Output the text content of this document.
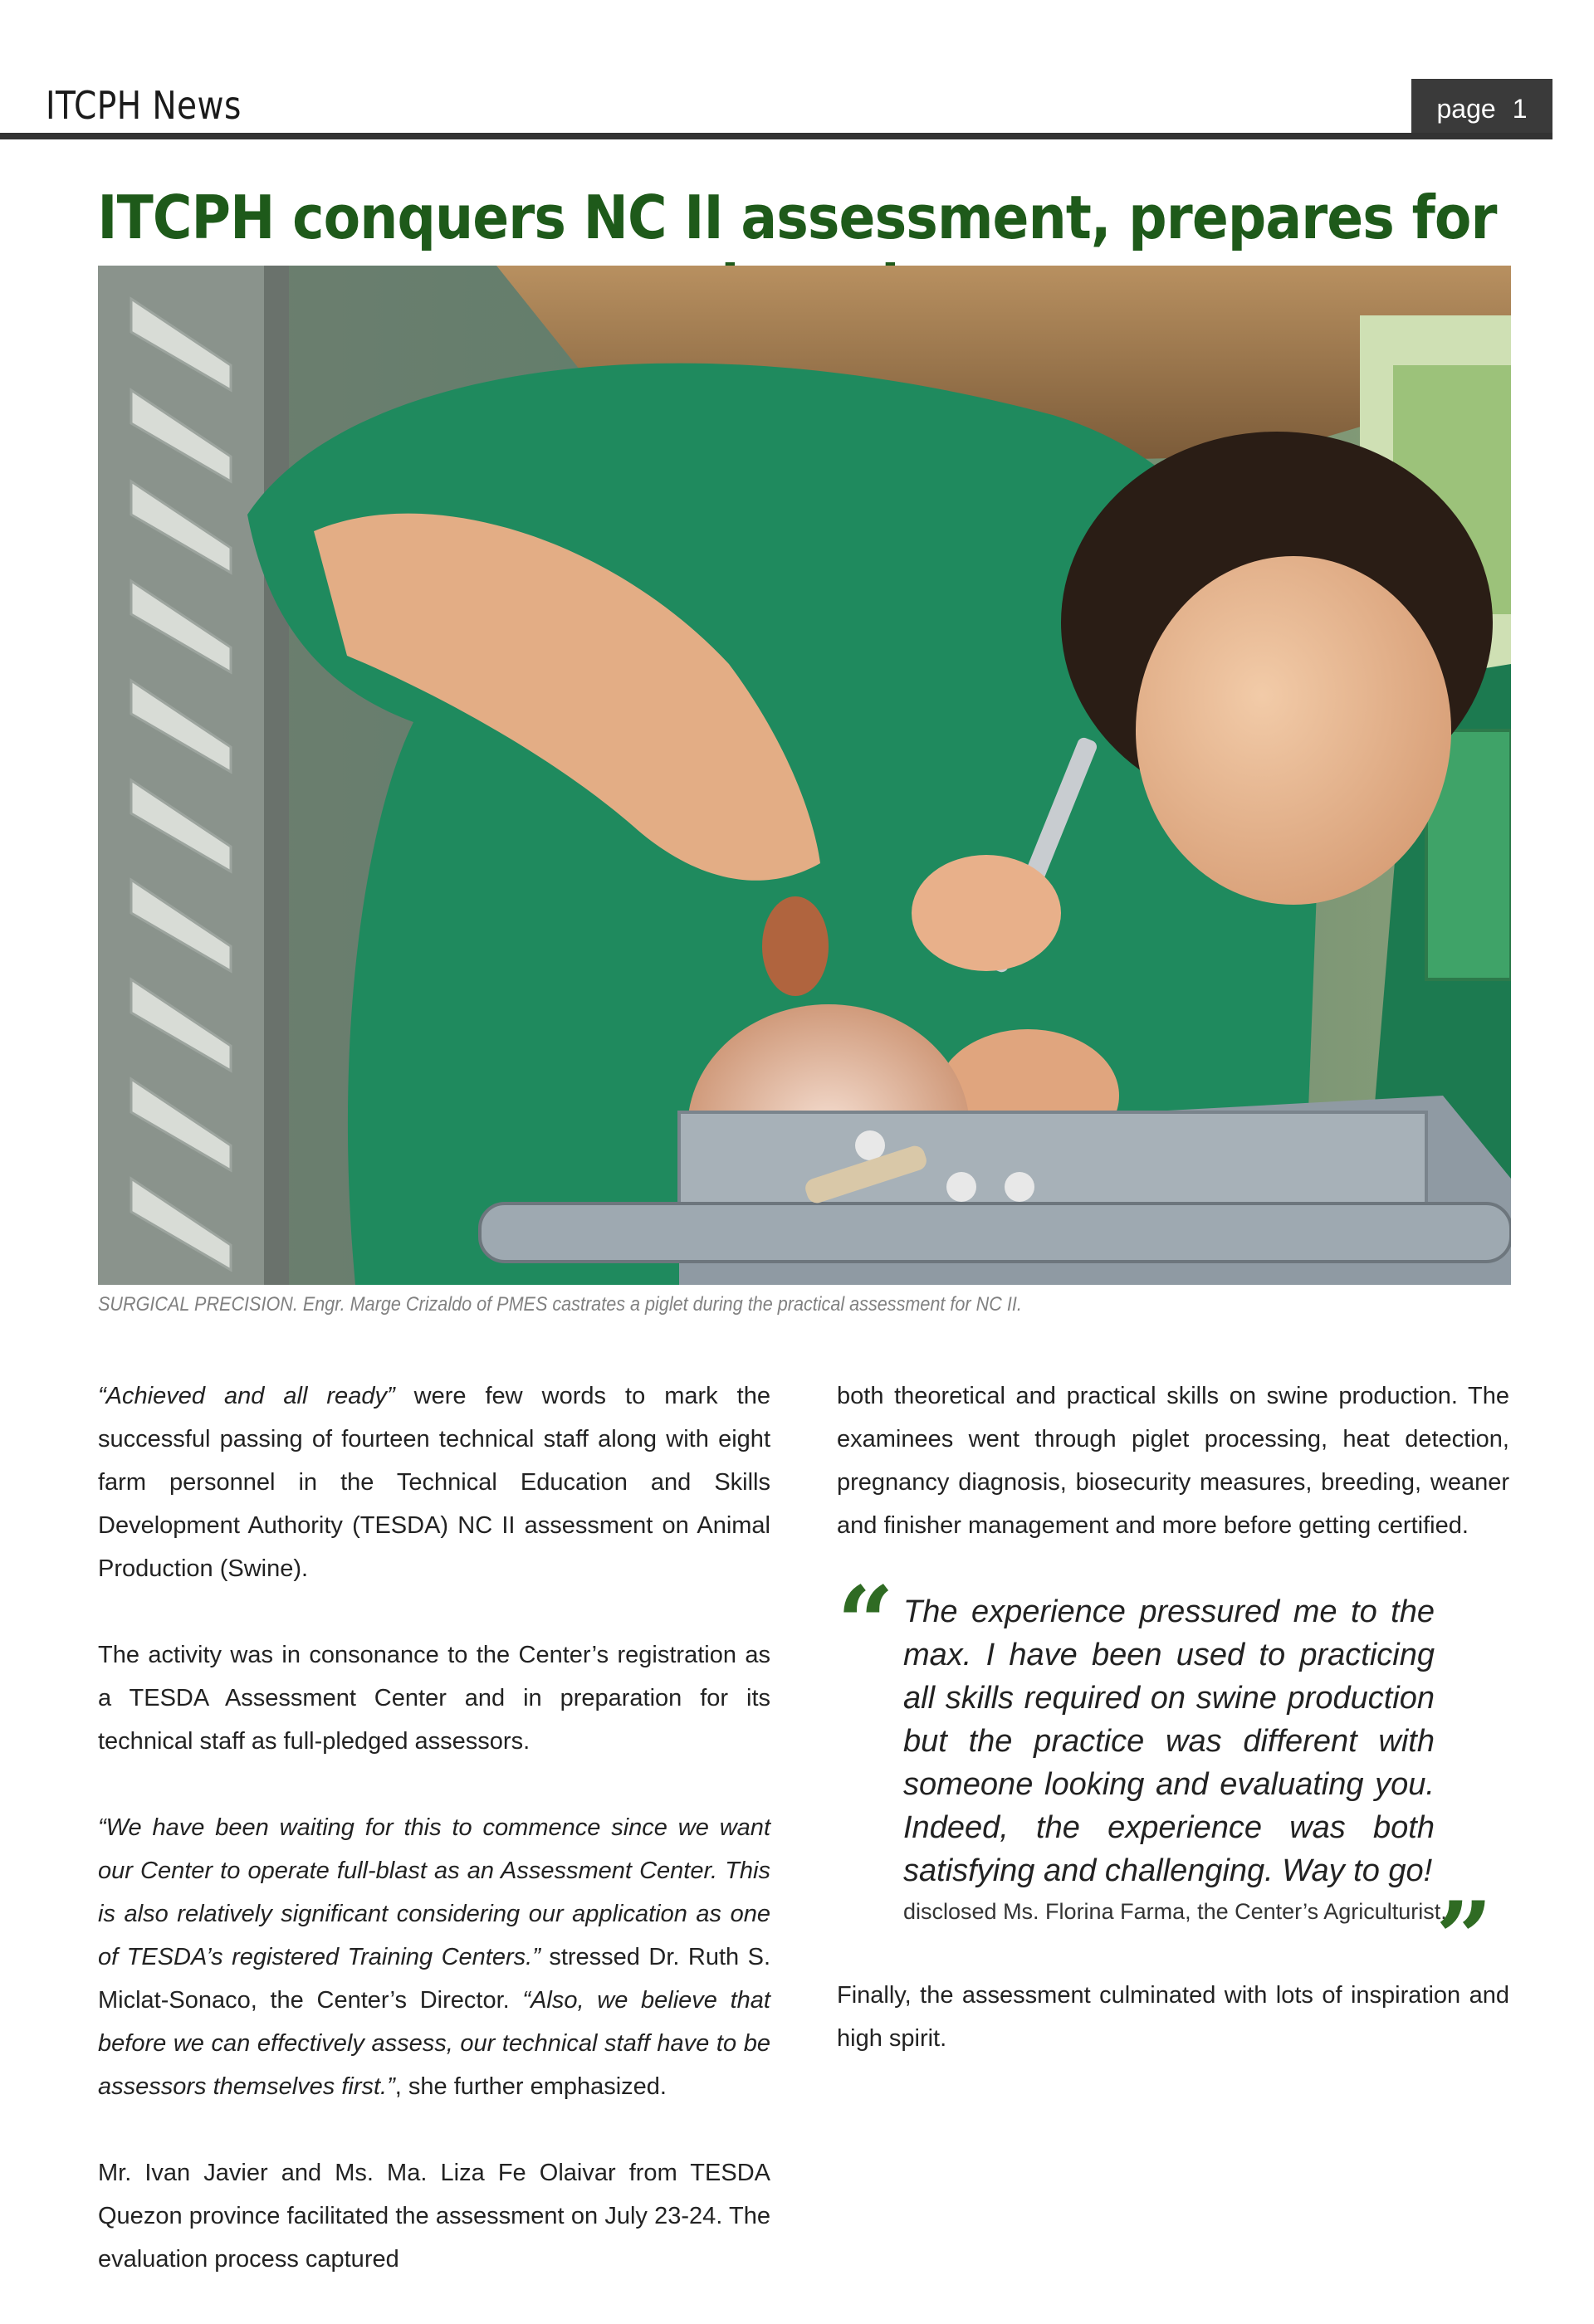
ITCPH News	page 1
ITCPH conquers NC II assessment, prepares for
SURGICAL PRECISION. Engr. Marge Crizaldo of PMES castrates a piglet during the practical assessment for NC II.

“Achieved and all ready” were few words to mark the successful passing of fourteen technical staff along with eight farm personnel in the Technical Education and Skills Development Authority (TESDA) NC II assessment on Animal Production (Swine).

The activity was in consonance to the Center’s registration as a TESDA Assessment Center and in preparation for its technical staff as full-pledged assessors.

“We have been waiting for this to commence since we want our Center to operate full-blast as an Assessment Center. This is also relatively significant considering our application as one of TESDA’s registered Training Centers.” stressed Dr. Ruth S. Miclat-Sonaco, the Center’s Director. “Also, we believe that before we can effectively assess, our technical staff have to be assessors themselves first.”, she further emphasized.

Mr. Ivan Javier and Ms. Ma. Liza Fe Olaivar from TESDA Quezon province facilitated the assessment on July 23-24. The evaluation process captured

both theoretical and practical skills on swine production. The examinees went through piglet processing, heat detection, pregnancy diagnosis, biosecurity measures, breeding, weaner and finisher management and more before getting certified.

“ The experience pressured me to the max. I have been used to practicing all skills required on swine production but the practice was different with someone looking and evaluating you. Indeed, the experience was both satisfying and challenging. Way to go!
”
disclosed Ms. Florina Farma, the Center’s Agriculturist.

Finally, the assessment culminated with lots of inspiration and high spirit.
